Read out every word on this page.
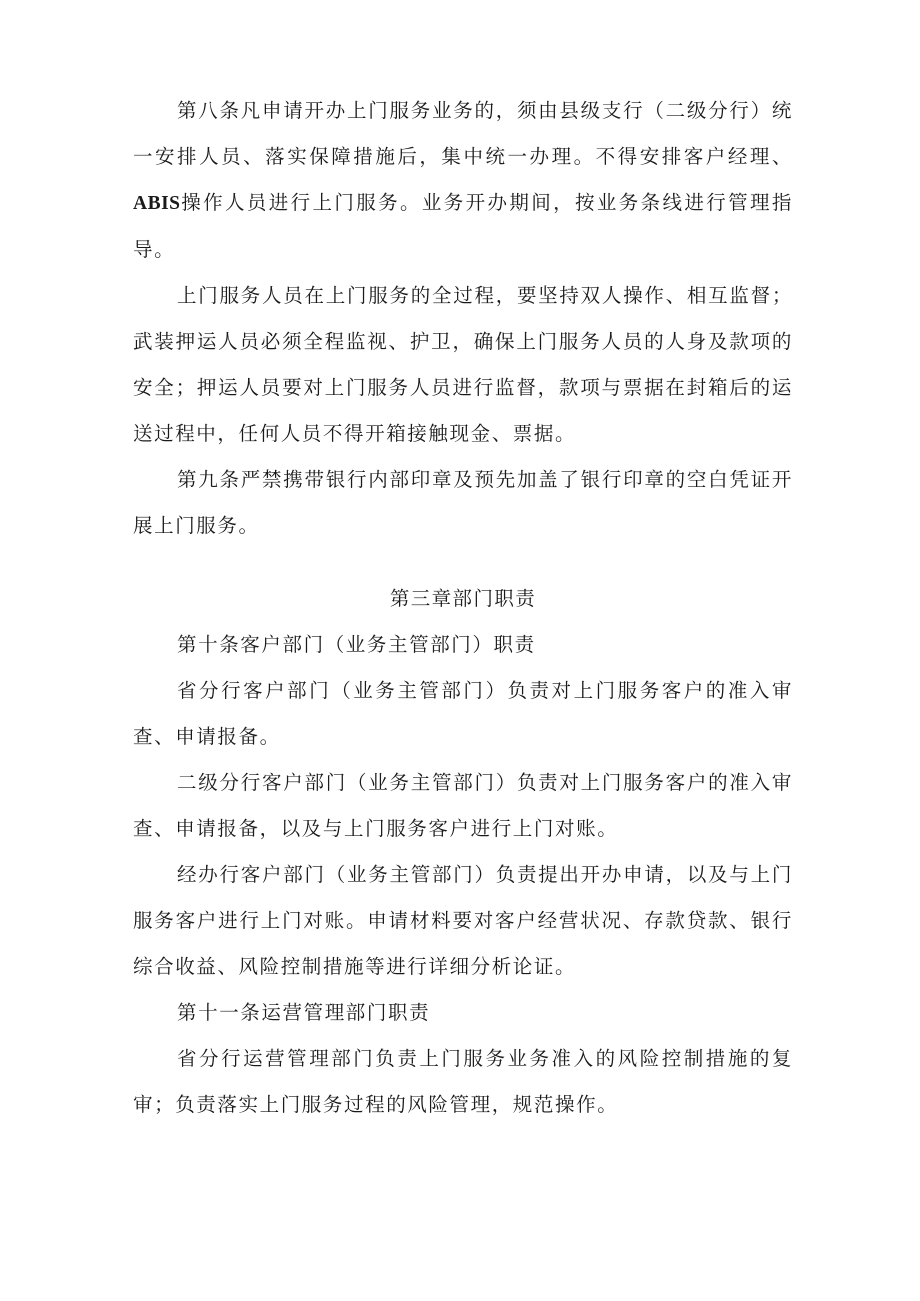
第八条凡申请开办上门服务业务的，须由县级支行（二级分行）统一安排人员、落实保障措施后，集中统一办理。不得安排客户经理、ABIS操作人员进行上门服务。业务开办期间，按业务条线进行管理指导。

上门服务人员在上门服务的全过程，要坚持双人操作、相互监督；武装押运人员必须全程监视、护卫，确保上门服务人员的人身及款项的安全；押运人员要对上门服务人员进行监督，款项与票据在封箱后的运送过程中，任何人员不得开箱接触现金、票据。

第九条严禁携带银行内部印章及预先加盖了银行印章的空白凭证开展上门服务。

第三章部门职责

第十条客户部门（业务主管部门）职责

省分行客户部门（业务主管部门）负责对上门服务客户的准入审查、申请报备。

二级分行客户部门（业务主管部门）负责对上门服务客户的准入审查、申请报备，以及与上门服务客户进行上门对账。

经办行客户部门（业务主管部门）负责提出开办申请，以及与上门服务客户进行上门对账。申请材料要对客户经营状况、存款贷款、银行综合收益、风险控制措施等进行详细分析论证。

第十一条运营管理部门职责

省分行运营管理部门负责上门服务业务准入的风险控制措施的复审；负责落实上门服务过程的风险管理，规范操作。
